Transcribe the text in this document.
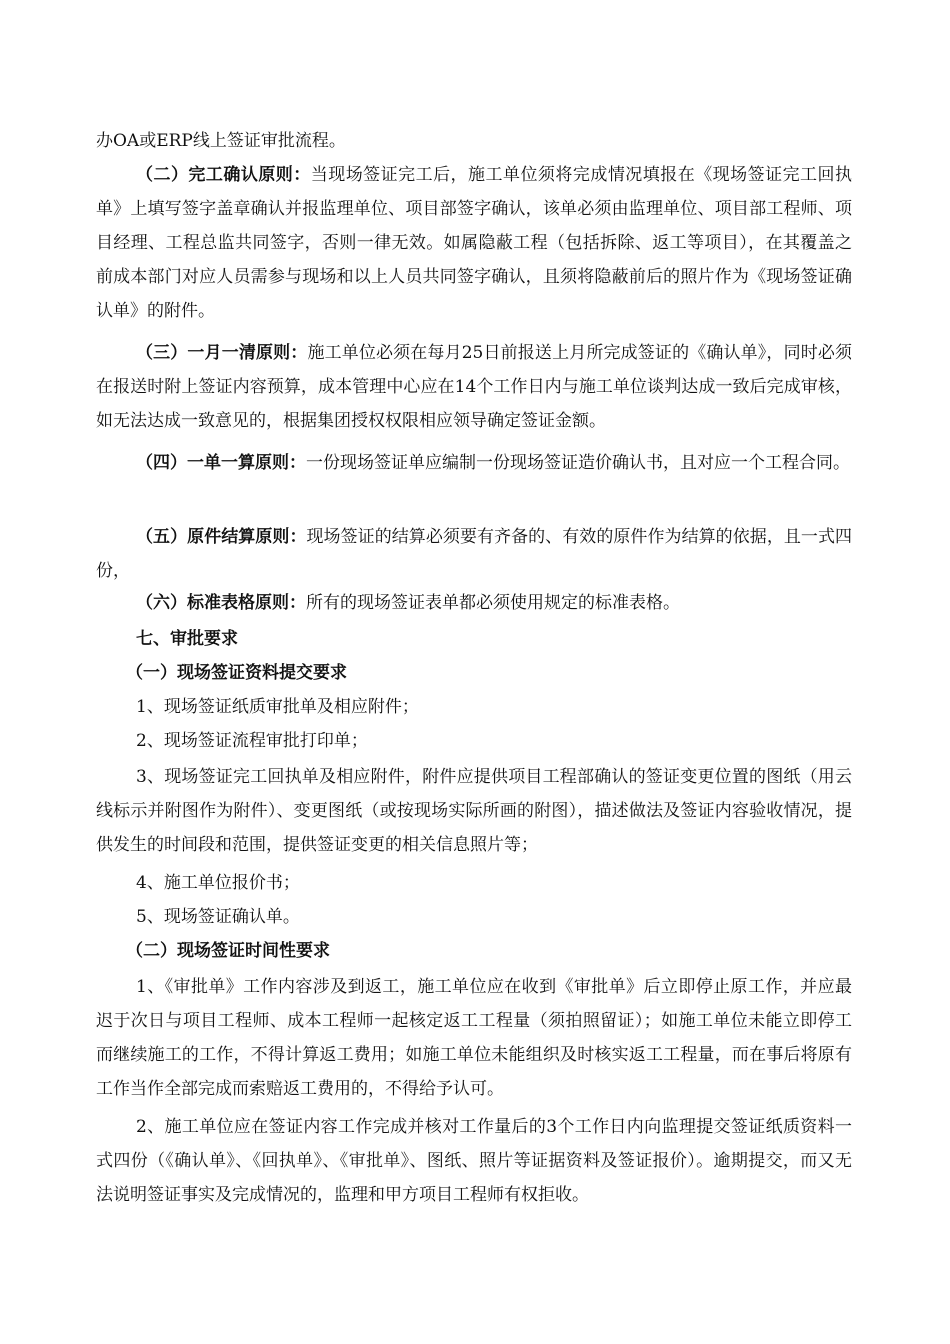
办OA或ERP线上签证审批流程。

（二）完工确认原则：当现场签证完工后，施工单位须将完成情况填报在《现场签证完工回执单》上填写签字盖章确认并报监理单位、项目部签字确认，该单必须由监理单位、项目部工程师、项目经理、工程总监共同签字，否则一律无效。如属隐蔽工程（包括拆除、返工等项目），在其覆盖之前成本部门对应人员需参与现场和以上人员共同签字确认，且须将隐蔽前后的照片作为《现场签证确认单》的附件。

（三）一月一清原则：施工单位必须在每月25日前报送上月所完成签证的《确认单》，同时必须在报送时附上签证内容预算，成本管理中心应在14个工作日内与施工单位谈判达成一致后完成审核，如无法达成一致意见的，根据集团授权权限相应领导确定签证金额。

（四）一单一算原则：一份现场签证单应编制一份现场签证造价确认书，且对应一个工程合同。

（五）原件结算原则：现场签证的结算必须要有齐备的、有效的原件作为结算的依据，且一式四份，

（六）标准表格原则：所有的现场签证表单都必须使用规定的标准表格。

七、审批要求

（一）现场签证资料提交要求

1、现场签证纸质审批单及相应附件；

2、现场签证流程审批打印单；

3、现场签证完工回执单及相应附件，附件应提供项目工程部确认的签证变更位置的图纸（用云线标示并附图作为附件）、变更图纸（或按现场实际所画的附图），描述做法及签证内容验收情况，提供发生的时间段和范围，提供签证变更的相关信息照片等；

4、施工单位报价书；

5、现场签证确认单。

（二）现场签证时间性要求

1、《审批单》工作内容涉及到返工，施工单位应在收到《审批单》后立即停止原工作，并应最迟于次日与项目工程师、成本工程师一起核定返工工程量（须拍照留证）；如施工单位未能立即停工而继续施工的工作，不得计算返工费用；如施工单位未能组织及时核实返工工程量，而在事后将原有工作当作全部完成而索赔返工费用的，不得给予认可。

2、施工单位应在签证内容工作完成并核对工作量后的3个工作日内向监理提交签证纸质资料一式四份（《确认单》、《回执单》、《审批单》、图纸、照片等证据资料及签证报价）。逾期提交，而又无法说明签证事实及完成情况的，监理和甲方项目工程师有权拒收。
